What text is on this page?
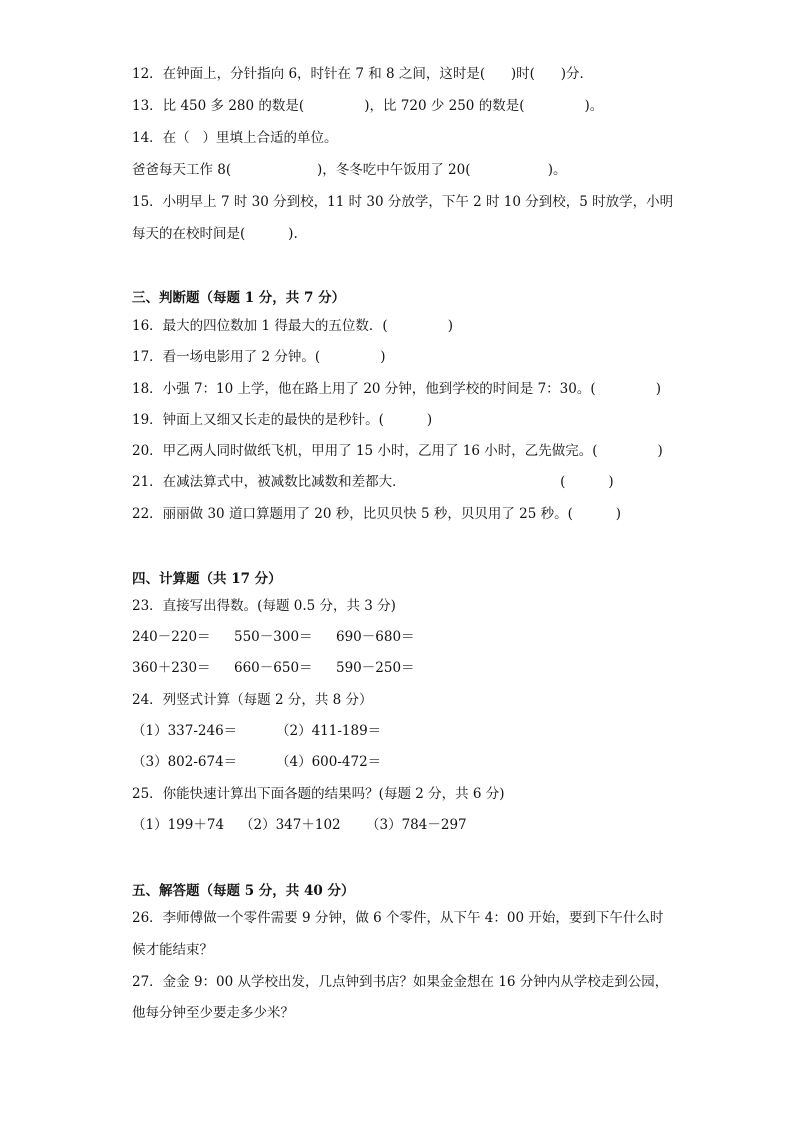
12．在钟面上，分针指向 6，时针在 7 和 8 之间，这时是(      )时(      )分．
13．比 450 多 280 的数是(              )，比 720 少 250 的数是(              )。
14．在（   ）里填上合适的单位。
爸爸每天工作 8(                    )，冬冬吃中午饭用了 20(                  )。
15．小明早上 7 时 30 分到校，11 时 30 分放学，下午 2 时 10 分到校，5 时放学，小明
每天的在校时间是(          ).
三、判断题（每题 1 分，共 7 分）
16．最大的四位数加 1 得最大的五位数．(              )
17．看一场电影用了 2 分钟。(              )
18．小强 7：10 上学，他在路上用了 20 分钟，他到学校的时间是 7：30。(              )
19．钟面上又细又长走的最快的是秒针。(          )
20．甲乙两人同时做纸飞机，甲用了 15 小时，乙用了 16 小时，乙先做完。(              )
21．在减法算式中，被减数比减数和差都大．                                    (          )
22．丽丽做 30 道口算题用了 20 秒，比贝贝快 5 秒，贝贝用了 25 秒。(          )
四、计算题（共 17 分）
23．直接写出得数。(每题 0.5 分，共 3 分)
240－220＝ 550－300＝ 690－680＝
360＋230＝ 660－650＝ 590－250＝
24．列竖式计算（每题 2 分，共 8 分）
（1）337-246＝	（2）411-189＝
（3）802-674＝	（4）600-472＝
25．你能快速计算出下面各题的结果吗？(每题 2 分，共 6 分)
（1）199＋74 （2）347＋102 （3）784－297
五、解答题（每题 5 分，共 40 分）
26．李师傅做一个零件需要 9 分钟，做 6 个零件，从下午 4：00 开始，要到下午什么时
候才能结束？
27．金金 9：00 从学校出发，几点钟到书店？如果金金想在 16 分钟内从学校走到公园，
他每分钟至少要走多少米？
